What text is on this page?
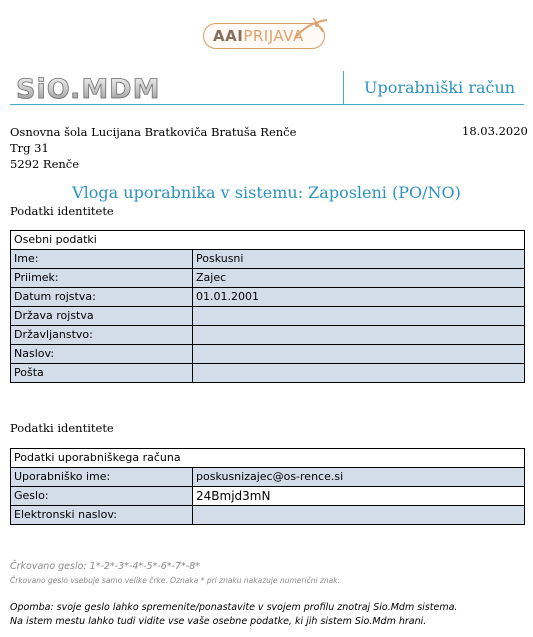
AAIPRIJAVA
SiO.MDM	Uporabniški račun
Osnovna šola Lucijana Bratkoviča Bratuša Renče
Trg 31
5292 Renče
18.03.2020
Vloga uporabnika v sistemu: Zaposleni (PO/NO)
Podatki identitete
Osebni podatki	
Ime:	Poskusni
Priimek:	Zajec
Datum rojstva:	01.01.2001
Država rojstva	
Državljanstvo:	
Naslov:	
Pošta	
Podatki identitete
Podatki uporabniškega računa	
Uporabniško ime:	poskusnizajec@os-rence.si
Geslo:	24Bmjd3mN
Elektronski naslov:	
Črkovano geslo: 1*-2*-3*-4*-5*-6*-7*-8*
Črkovano geslo vsebuje samo velike črke. Oznaka * pri znaku nakazuje numerični znak.
Opomba: svoje geslo lahko spremenite/ponastavite v svojem profilu znotraj Sio.Mdm sistema.
Na istem mestu lahko tudi vidite vse vaše osebne podatke, ki jih sistem Sio.Mdm hrani.
